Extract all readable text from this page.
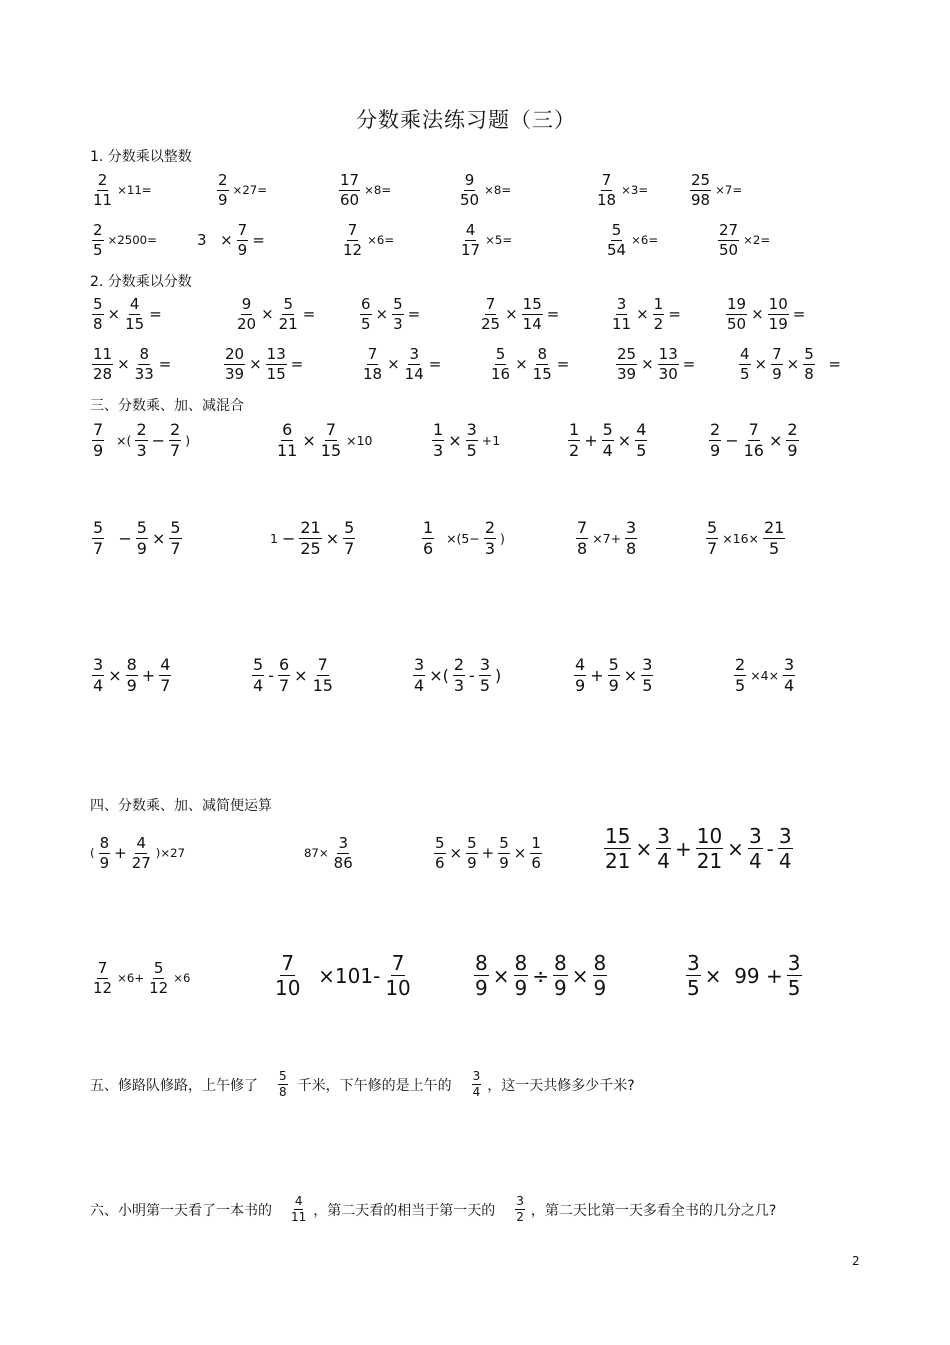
分数乘法练习题（三）
1. 分数乘以整数
2. 分数乘以分数
三、分数乘、加、减混合
四、分数乘、加、减简便运算
$\frac{2}{11} \times 11=$	$\frac{2}{9} \times 27=$	$\frac{17}{60} \times 8=$	$\frac{9}{50} \times 8=$	$\frac{7}{18} \times 3=$	$\frac{25}{98} \times 7=$
$\frac{2}{5} \times 2500=$	$3 \times \frac{7}{9}$ =	$\frac{7}{12} \times 6=$	$\frac{4}{17} \times 5=$	$\frac{5}{54} \times 6=$	$\frac{27}{50} \times 2=$
$\frac{5}{8} \times \frac{4}{15}$ =	$\frac{9}{20} \times \frac{5}{21}$ =	$\frac{6}{5} \times \frac{5}{3}$ =	$\frac{7}{25} \times \frac{15}{14}$ =	$\frac{3}{11} \times \frac{1}{2}$ =	$\frac{19}{50} \times \frac{10}{19}$ =
$\frac{11}{28} \times \frac{8}{33}$ =	$\frac{20}{39} \times \frac{13}{15}$ =	$\frac{7}{18} \times \frac{3}{14}$ =	$\frac{5}{16} \times \frac{8}{15}$ =	$\frac{25}{39} \times \frac{13}{30}$ =	$\frac{4}{5} \times \frac{7}{9} \times \frac{5}{8}$ =
$\frac{7}{9}$ ×( $\frac{2}{3} - \frac{2}{7}$ )	$\frac{6}{11} \times \frac{7}{15} \times 10$	$\frac{1}{3} \times \frac{3}{5} +1$	$\frac{1}{2} + \frac{5}{4} \times \frac{4}{5}$	$\frac{2}{9} - \frac{7}{16} \times \frac{2}{9}$
$\frac{5}{7} - \frac{5}{9} \times \frac{5}{7}$	$1 - \frac{21}{25} \times \frac{5}{7}$	$\frac{1}{6} \times(5- \frac{2}{3}$ )	$\frac{7}{8} \times 7+ \frac{3}{8}$	$\frac{5}{7} \times 16\times \frac{21}{5}$
$\frac{3}{4} \times \frac{8}{9} + \frac{4}{7}$	$\frac{5}{4} - \frac{6}{7} \times \frac{7}{15}$	$\frac{3}{4}$ ×( $\frac{2}{3} - \frac{3}{5}$ )	$\frac{4}{9} + \frac{5}{9} \times \frac{3}{5}$	$\frac{2}{5} \times 4\times \frac{3}{4}$
( $\frac{8}{9} + \frac{4}{27} )\times 27$	$87\times \frac{3}{86}$	$\frac{5}{6} \times \frac{5}{9} + \frac{5}{9} \times \frac{1}{6}$	$\frac{15}{21} \times \frac{3}{4} + \frac{10}{21} \times \frac{3}{4} - \frac{3}{4}$
$\frac{7}{12} \times 6+ \frac{5}{12} \times 6$	$\frac{7}{10} \times 101- \frac{7}{10}$	$\frac{8}{9} \times \frac{8}{9} \div \frac{8}{9} \times \frac{8}{9}$	$\frac{3}{5} \times 99 + \frac{3}{5}$
五、修路队修路，上午修了 $\frac{5}{8}$ 千米，下午修的是上午的 $\frac{3}{4}$ ，这一天共修多少千米?
六、小明第一天看了一本书的 $\frac{4}{11}$ ，第二天看的相当于第一天的 $\frac{3}{2}$ ，第二天比第一天多看全书的几分之几?
2
